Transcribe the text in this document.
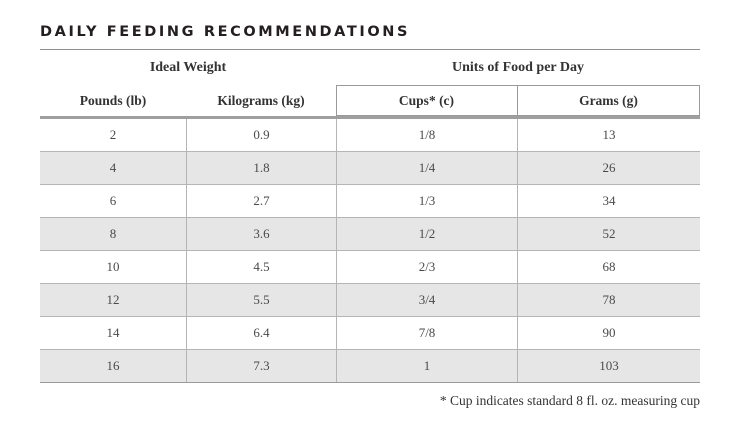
DAILY FEEDING RECOMMENDATIONS
Ideal Weight	Units of Food per Day
Pounds (lb)	Kilograms (kg)	Cups* (c)	Grams (g)
2	0.9	1/8	13
4	1.8	1/4	26
6	2.7	1/3	34
8	3.6	1/2	52
10	4.5	2/3	68
12	5.5	3/4	78
14	6.4	7/8	90
16	7.3	1	103
* Cup indicates standard 8 fl. oz. measuring cup
